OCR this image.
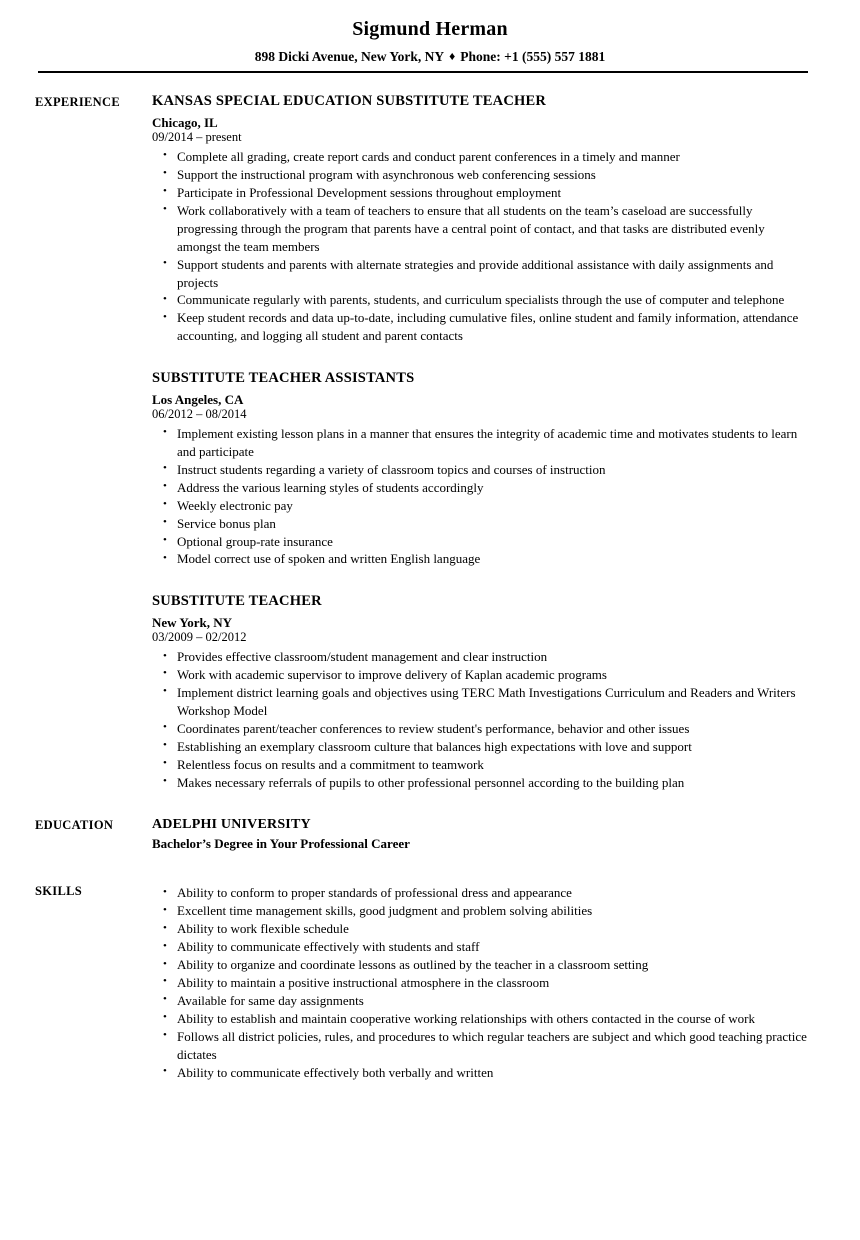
Sigmund Herman
898 Dicki Avenue, New York, NY ♦ Phone: +1 (555) 557 1881
EXPERIENCE	KANSAS SPECIAL EDUCATION SUBSTITUTE TEACHER
Chicago, IL
09/2014 – present
• Complete all grading, create report cards and conduct parent conferences in a timely and manner
• Support the instructional program with asynchronous web conferencing sessions
• Participate in Professional Development sessions throughout employment
• Work collaboratively with a team of teachers to ensure that all students on the team’s caseload are successfully progressing through the program that parents have a central point of contact, and that tasks are distributed evenly amongst the team members
• Support students and parents with alternate strategies and provide additional assistance with daily assignments and projects
• Communicate regularly with parents, students, and curriculum specialists through the use of computer and telephone
• Keep student records and data up-to-date, including cumulative files, online student and family information, attendance accounting, and logging all student and parent contacts
SUBSTITUTE TEACHER ASSISTANTS
Los Angeles, CA
06/2012 – 08/2014
• Implement existing lesson plans in a manner that ensures the integrity of academic time and motivates students to learn and participate
• Instruct students regarding a variety of classroom topics and courses of instruction
• Address the various learning styles of students accordingly
• Weekly electronic pay
• Service bonus plan
• Optional group-rate insurance
• Model correct use of spoken and written English language
SUBSTITUTE TEACHER
New York, NY
03/2009 – 02/2012
• Provides effective classroom/student management and clear instruction
• Work with academic supervisor to improve delivery of Kaplan academic programs
• Implement district learning goals and objectives using TERC Math Investigations Curriculum and Readers and Writers Workshop Model
• Coordinates parent/teacher conferences to review student's performance, behavior and other issues
• Establishing an exemplary classroom culture that balances high expectations with love and support
• Relentless focus on results and a commitment to teamwork
• Makes necessary referrals of pupils to other professional personnel according to the building plan
EDUCATION	ADELPHI UNIVERSITY
Bachelor’s Degree in Your Professional Career
SKILLS	• Ability to conform to proper standards of professional dress and appearance
• Excellent time management skills, good judgment and problem solving abilities
• Ability to work flexible schedule
• Ability to communicate effectively with students and staff
• Ability to organize and coordinate lessons as outlined by the teacher in a classroom setting
• Ability to maintain a positive instructional atmosphere in the classroom
• Available for same day assignments
• Ability to establish and maintain cooperative working relationships with others contacted in the course of work
• Follows all district policies, rules, and procedures to which regular teachers are subject and which good teaching practice dictates
• Ability to communicate effectively both verbally and written
